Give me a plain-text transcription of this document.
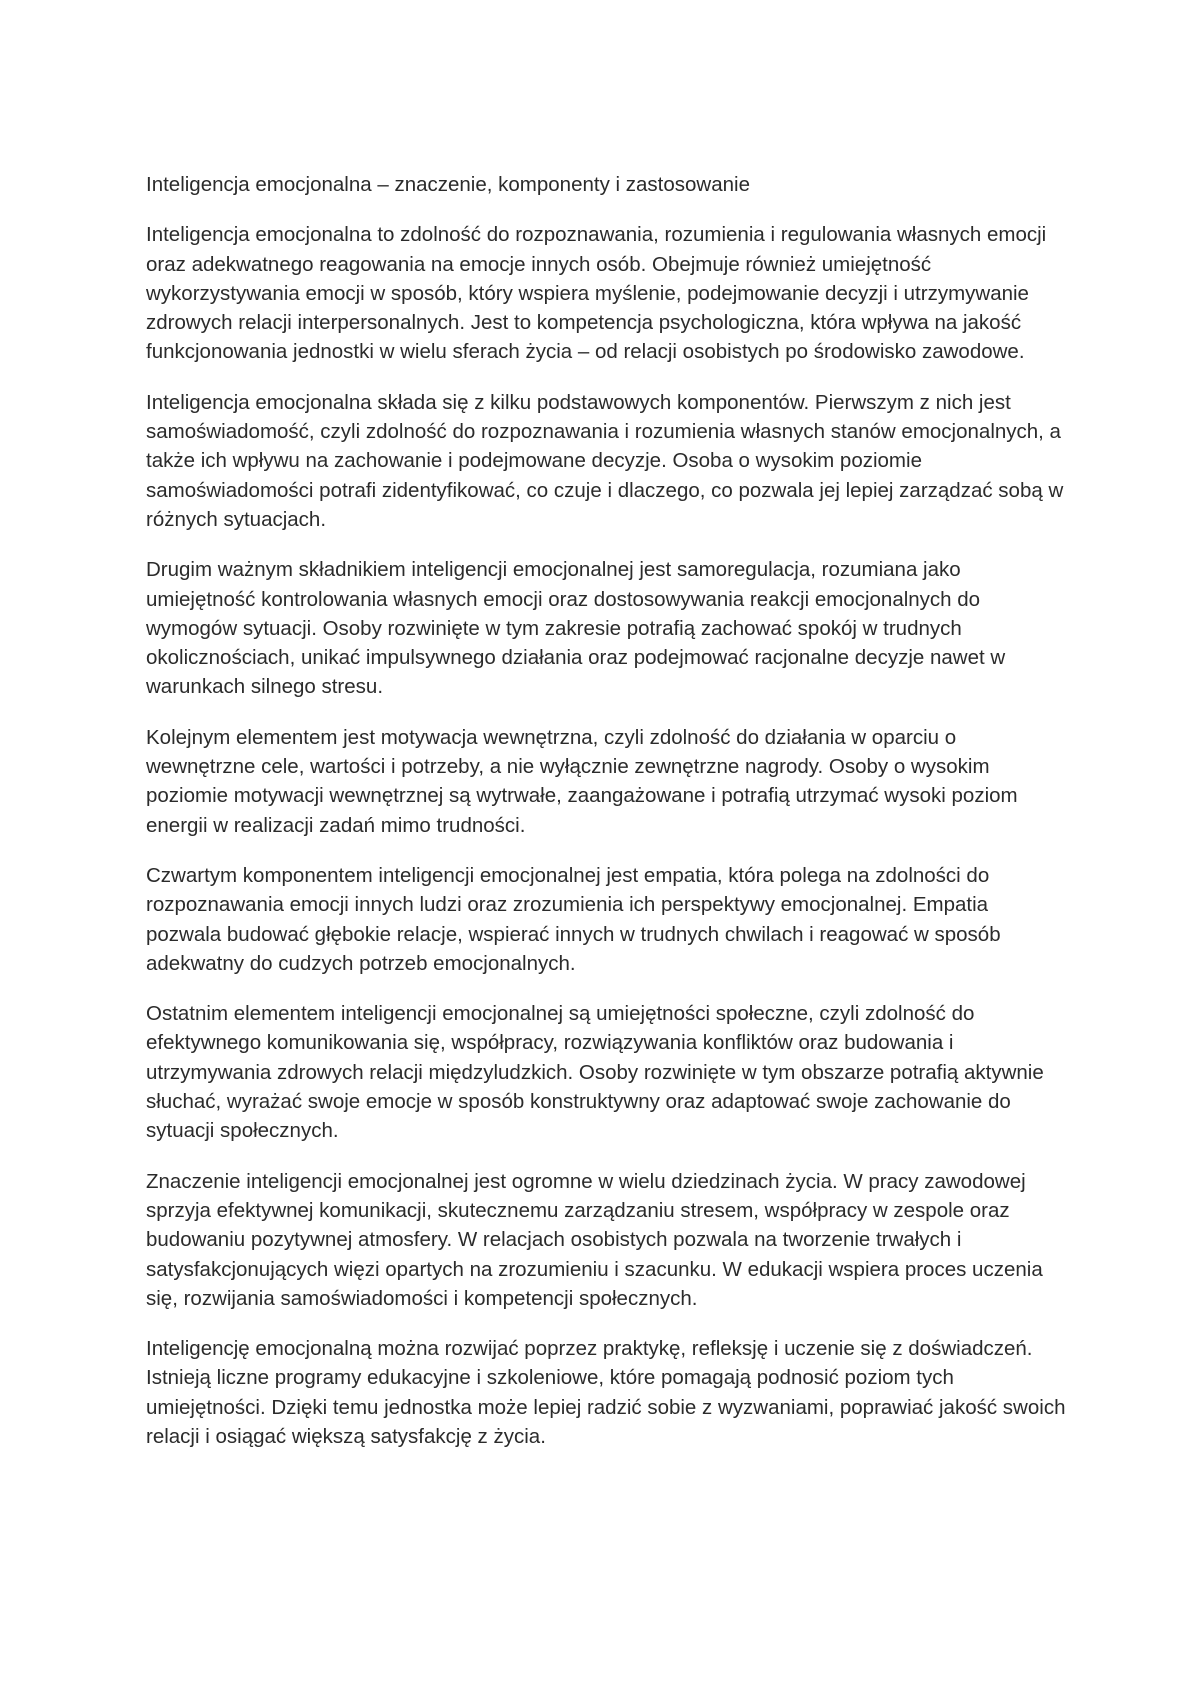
Inteligencja emocjonalna – znaczenie, komponenty i zastosowanie

Inteligencja emocjonalna to zdolność do rozpoznawania, rozumienia i regulowania własnych emocji oraz adekwatnego reagowania na emocje innych osób. Obejmuje również umiejętność wykorzystywania emocji w sposób, który wspiera myślenie, podejmowanie decyzji i utrzymywanie zdrowych relacji interpersonalnych. Jest to kompetencja psychologiczna, która wpływa na jakość funkcjonowania jednostki w wielu sferach życia – od relacji osobistych po środowisko zawodowe.

Inteligencja emocjonalna składa się z kilku podstawowych komponentów. Pierwszym z nich jest samoświadomość, czyli zdolność do rozpoznawania i rozumienia własnych stanów emocjonalnych, a także ich wpływu na zachowanie i podejmowane decyzje. Osoba o wysokim poziomie samoświadomości potrafi zidentyfikować, co czuje i dlaczego, co pozwala jej lepiej zarządzać sobą w różnych sytuacjach.

Drugim ważnym składnikiem inteligencji emocjonalnej jest samoregulacja, rozumiana jako umiejętność kontrolowania własnych emocji oraz dostosowywania reakcji emocjonalnych do wymogów sytuacji. Osoby rozwinięte w tym zakresie potrafią zachować spokój w trudnych okolicznościach, unikać impulsywnego działania oraz podejmować racjonalne decyzje nawet w warunkach silnego stresu.

Kolejnym elementem jest motywacja wewnętrzna, czyli zdolność do działania w oparciu o wewnętrzne cele, wartości i potrzeby, a nie wyłącznie zewnętrzne nagrody. Osoby o wysokim poziomie motywacji wewnętrznej są wytrwałe, zaangażowane i potrafią utrzymać wysoki poziom energii w realizacji zadań mimo trudności.

Czwartym komponentem inteligencji emocjonalnej jest empatia, która polega na zdolności do rozpoznawania emocji innych ludzi oraz zrozumienia ich perspektywy emocjonalnej. Empatia pozwala budować głębokie relacje, wspierać innych w trudnych chwilach i reagować w sposób adekwatny do cudzych potrzeb emocjonalnych.

Ostatnim elementem inteligencji emocjonalnej są umiejętności społeczne, czyli zdolność do efektywnego komunikowania się, współpracy, rozwiązywania konfliktów oraz budowania i utrzymywania zdrowych relacji międzyludzkich. Osoby rozwinięte w tym obszarze potrafią aktywnie słuchać, wyrażać swoje emocje w sposób konstruktywny oraz adaptować swoje zachowanie do sytuacji społecznych.

Znaczenie inteligencji emocjonalnej jest ogromne w wielu dziedzinach życia. W pracy zawodowej sprzyja efektywnej komunikacji, skutecznemu zarządzaniu stresem, współpracy w zespole oraz budowaniu pozytywnej atmosfery. W relacjach osobistych pozwala na tworzenie trwałych i satysfakcjonujących więzi opartych na zrozumieniu i szacunku. W edukacji wspiera proces uczenia się, rozwijania samoświadomości i kompetencji społecznych.

Inteligencję emocjonalną można rozwijać poprzez praktykę, refleksję i uczenie się z doświadczeń. Istnieją liczne programy edukacyjne i szkoleniowe, które pomagają podnosić poziom tych umiejętności. Dzięki temu jednostka może lepiej radzić sobie z wyzwaniami, poprawiać jakość swoich relacji i osiągać większą satysfakcję z życia.
